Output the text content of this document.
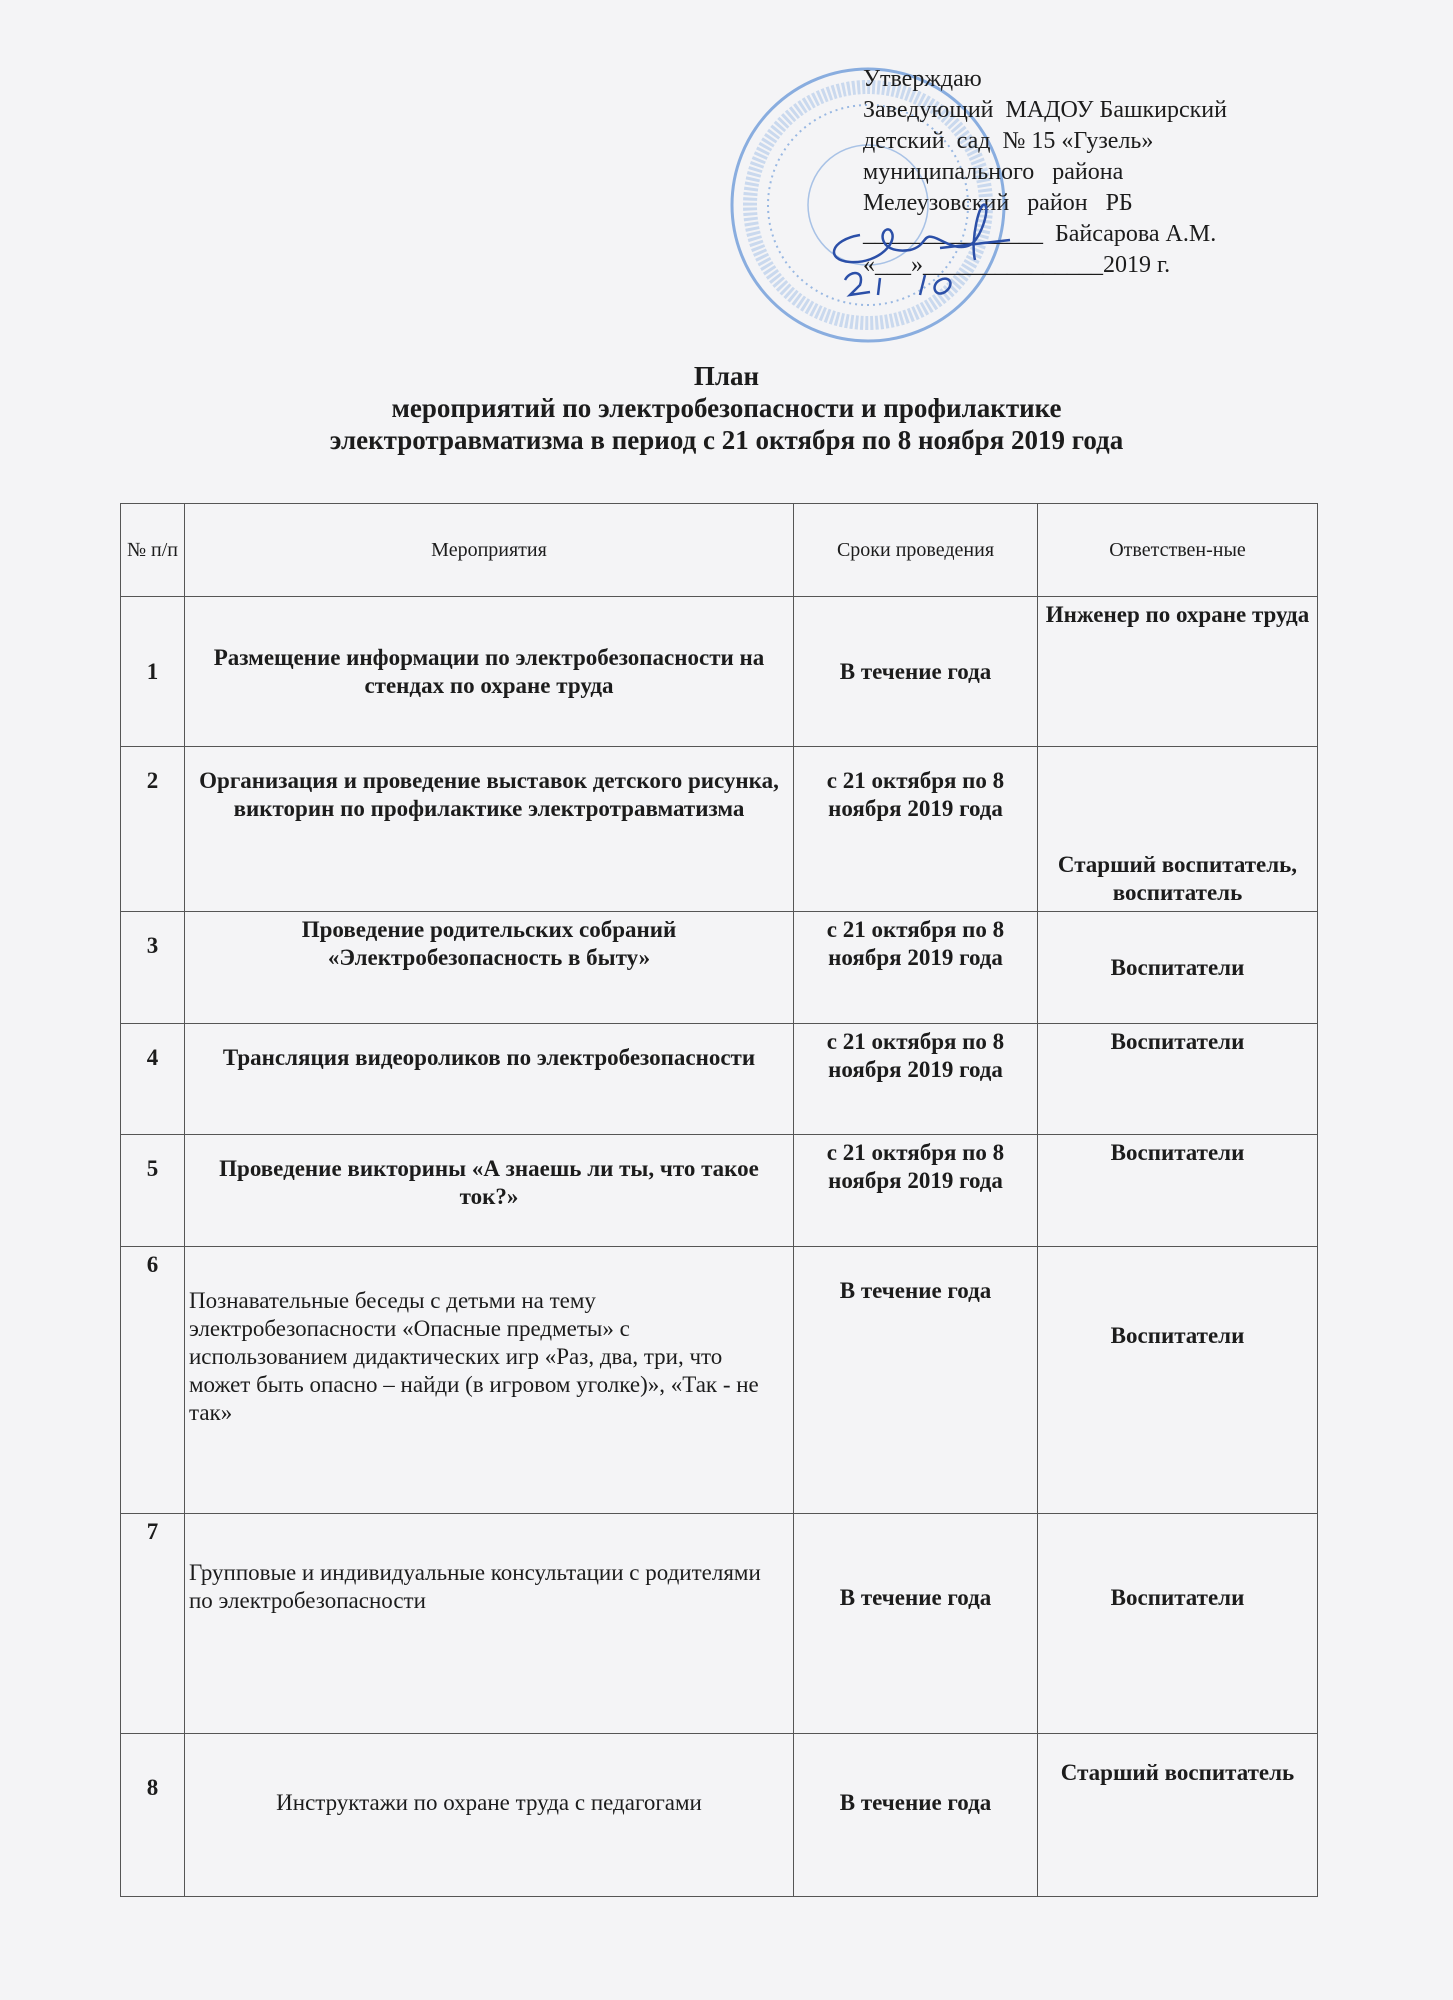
Утверждаю
Заведующий  МАДОУ Башкирский
детский  сад  № 15 «Гузель»
муниципального   района
Мелеузовский   район   РБ
_______________  Байсарова А.М.
«___»_______________2019 г.
План
мероприятий по электробезопасности и профилактике
электротравматизма в период с 21 октября по 8 ноября 2019 года
№ п/п	Мероприятия	Сроки проведения	Ответствен-ные
1	Размещение информации по электробезопасности на стендах по охране труда	В течение года	Инженер по охране труда
2	Организация и проведение выставок детского рисунка, викторин по профилактике электротравматизма	с 21 октября по 8 ноября 2019 года	Старший воспитатель, воспитатель
3	Проведение родительских собраний «Электробезопасность в быту»	с 21 октября по 8 ноября 2019 года	Воспитатели
4	Трансляция видеороликов по электробезопасности	с 21 октября по 8 ноября 2019 года	Воспитатели
5	Проведение викторины «А знаешь ли ты, что такое ток?»	с 21 октября по 8 ноября 2019 года	Воспитатели
6	Познавательные беседы с детьми на тему электробезопасности «Опасные предметы» с использованием дидактических игр «Раз, два, три, что может быть опасно – найди (в игровом уголке)», «Так - не так»	В течение года	Воспитатели
7	Групповые и индивидуальные консультации с родителями по электробезопасности	В течение года	Воспитатели
8	Инструктажи по охране труда с педагогами	В течение года	Старший воспитатель
